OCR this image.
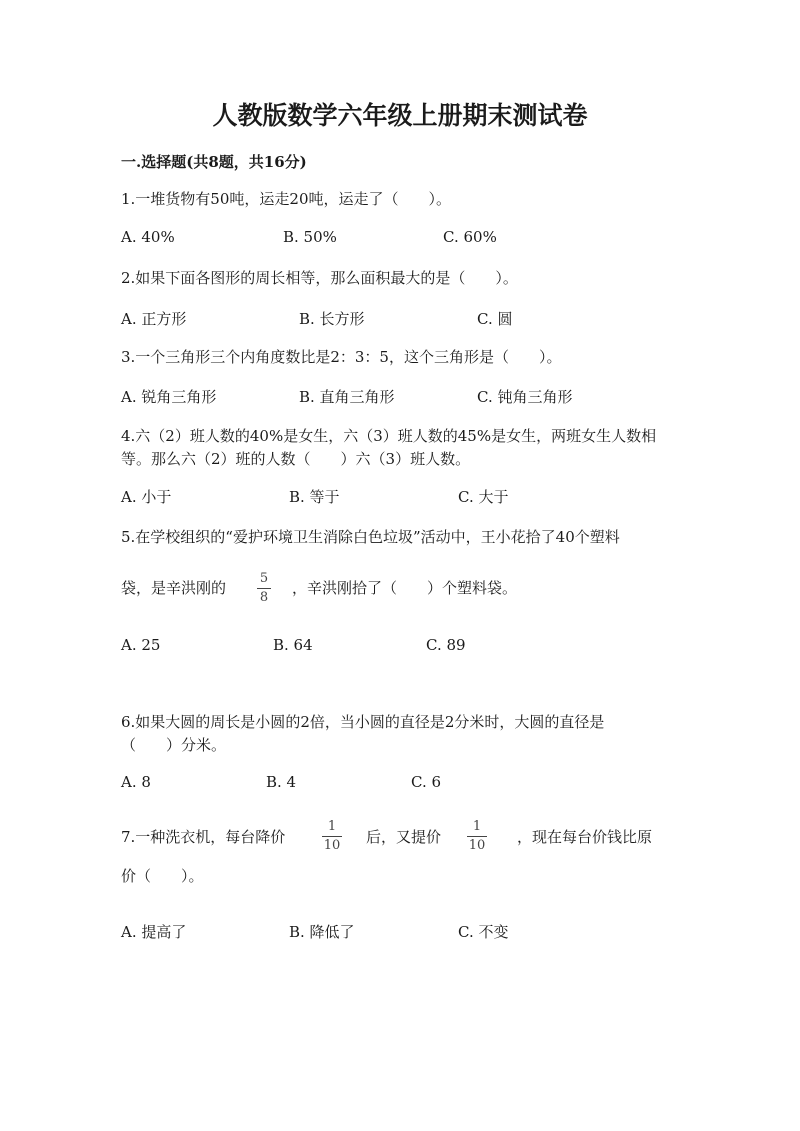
人教版数学六年级上册期末测试卷
一.选择题(共8题，共16分)
1.一堆货物有50吨，运走20吨，运走了（　　）。
A. 40%	B. 50%	C. 60%
2.如果下面各图形的周长相等，那么面积最大的是（　　）。
A. 正方形	B. 长方形	C. 圆
3.一个三角形三个内角度数比是2：3：5，这个三角形是（　　）。
A. 锐角三角形	B. 直角三角形	C. 钝角三角形
4.六（2）班人数的40%是女生，六（3）班人数的45%是女生，两班女生人数相
等。那么六（2）班的人数（　　）六（3）班人数。
A. 小于	B. 等于	C. 大于
5.在学校组织的“爱护环境卫生消除白色垃圾”活动中，王小花拾了40个塑料
袋，是辛洪刚的
5
8
，辛洪刚拾了（　　）个塑料袋。
A. 25	B. 64	C. 89
6.如果大圆的周长是小圆的2倍，当小圆的直径是2分米时，大圆的直径是
（　　）分米。
A. 8	B. 4	C. 6
7.一种洗衣机，每台降价
1
10 后，又提价
1
10 ，现在每台价钱比原
价（　　）。
A. 提高了	B. 降低了	C. 不变
